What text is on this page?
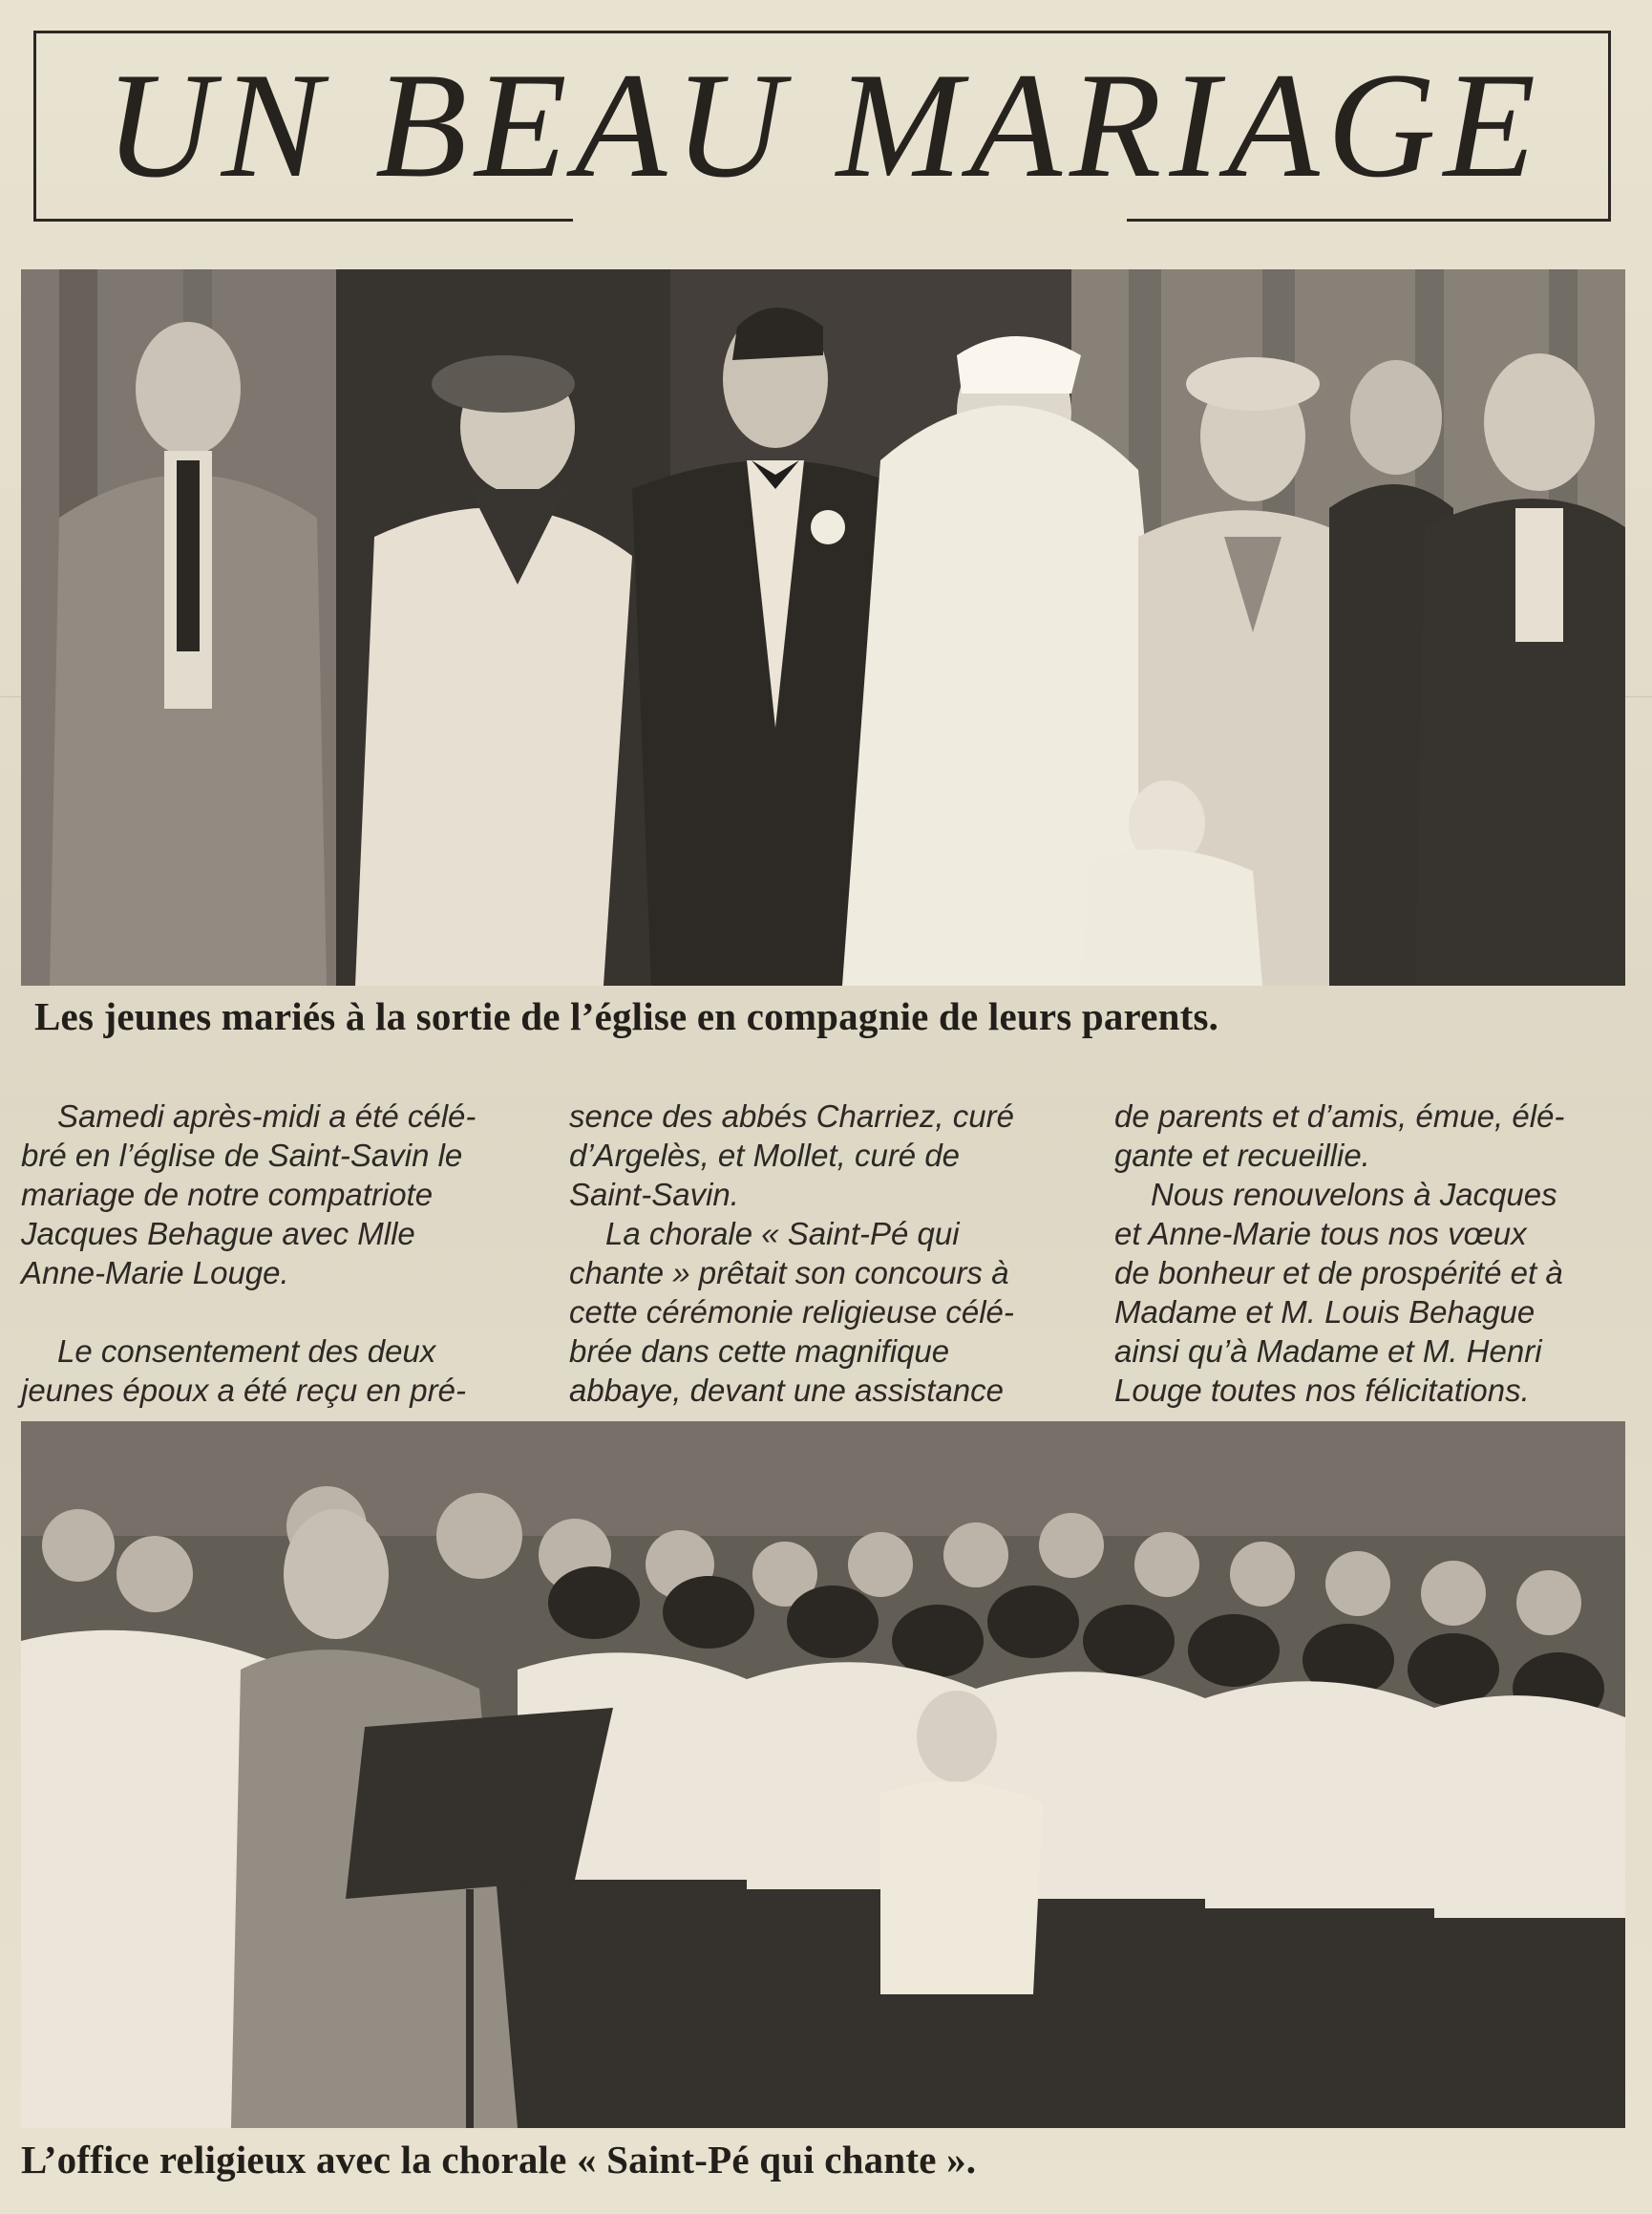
UN BEAU MARIAGE
Les jeunes mariés à la sortie de l’église en compagnie de leurs parents.

Samedi après-midi a été célé-
bré en l’église de Saint-Savin le
mariage de notre compatriote
Jacques Behague avec Mlle
Anne-Marie Louge.

Le consentement des deux
jeunes époux a été reçu en pré-

sence des abbés Charriez, curé
d’Argelès, et Mollet, curé de
Saint-Savin.

La chorale « Saint-Pé qui
chante » prêtait son concours à
cette cérémonie religieuse célé-
brée dans cette magnifique
abbaye, devant une assistance

de parents et d’amis, émue, élé-
gante et recueillie.

Nous renouvelons à Jacques
et Anne-Marie tous nos vœux
de bonheur et de prospérité et à
Madame et M. Louis Behague
ainsi qu’à Madame et M. Henri
Louge toutes nos félicitations.

L’office religieux avec la chorale « Saint-Pé qui chante ».
